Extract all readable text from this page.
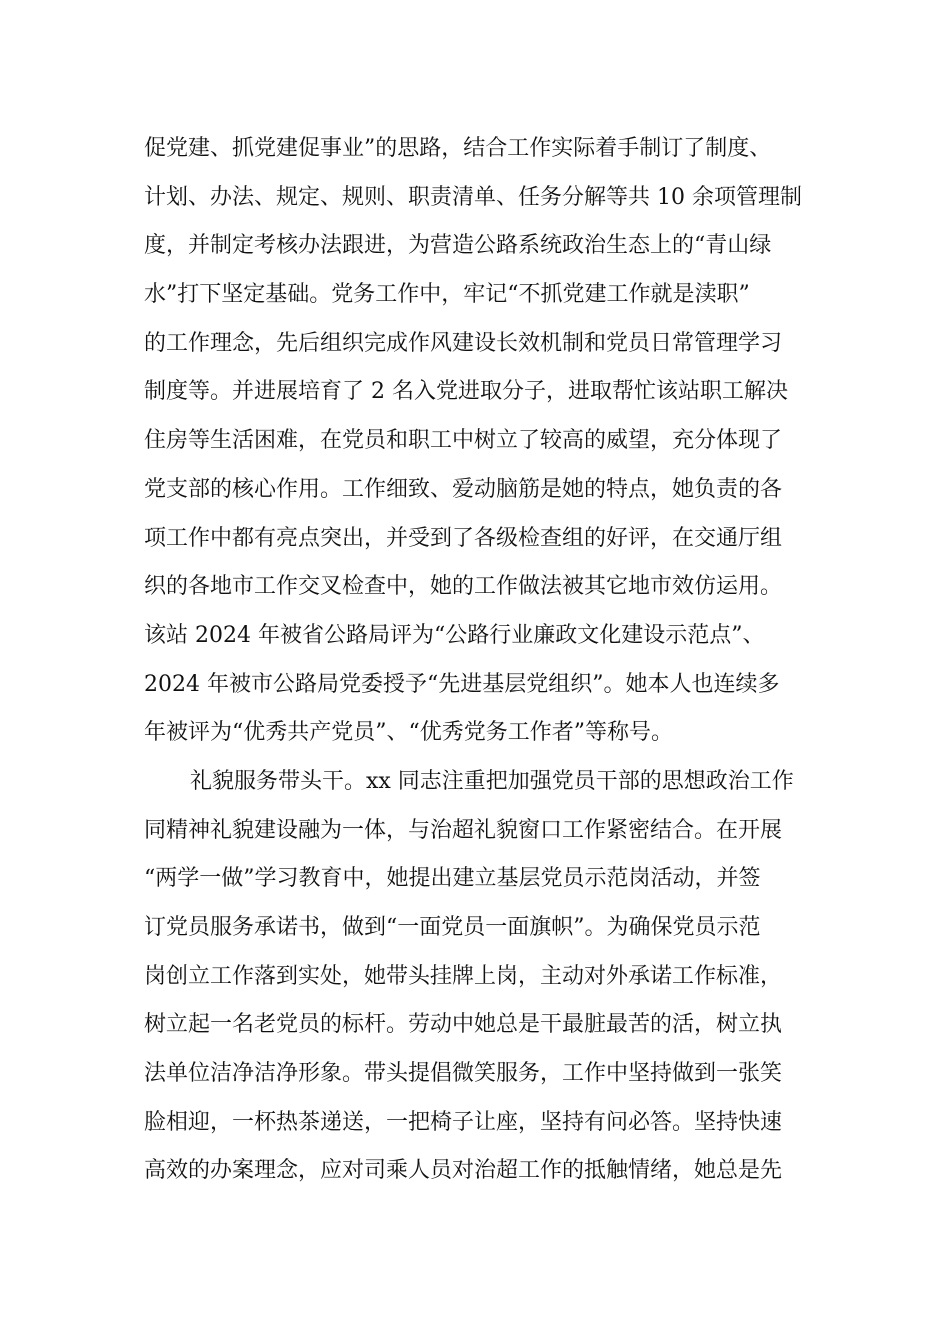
促党建、抓党建促事业”的思路，结合工作实际着手制订了制度、
计划、办法、规定、规则、职责清单、任务分解等共 10 余项管理制
度，并制定考核办法跟进，为营造公路系统政治生态上的“青山绿
水”打下坚定基础。党务工作中，牢记“不抓党建工作就是渎职”
的工作理念，先后组织完成作风建设长效机制和党员日常管理学习
制度等。并进展培育了 2 名入党进取分子，进取帮忙该站职工解决
住房等生活困难，在党员和职工中树立了较高的威望，充分体现了
党支部的核心作用。工作细致、爱动脑筋是她的特点，她负责的各
项工作中都有亮点突出，并受到了各级检查组的好评，在交通厅组
织的各地市工作交叉检查中，她的工作做法被其它地市效仿运用。
该站 2024 年被省公路局评为“公路行业廉政文化建设示范点”、
2024 年被市公路局党委授予“先进基层党组织”。她本人也连续多
年被评为“优秀共产党员”、“优秀党务工作者”等称号。
礼貌服务带头干。xx 同志注重把加强党员干部的思想政治工作
同精神礼貌建设融为一体，与治超礼貌窗口工作紧密结合。在开展
“两学一做”学习教育中，她提出建立基层党员示范岗活动，并签
订党员服务承诺书，做到“一面党员一面旗帜”。为确保党员示范
岗创立工作落到实处，她带头挂牌上岗，主动对外承诺工作标准，
树立起一名老党员的标杆。劳动中她总是干最脏最苦的活，树立执
法单位洁净洁净形象。带头提倡微笑服务，工作中坚持做到一张笑
脸相迎，一杯热茶递送，一把椅子让座，坚持有问必答。坚持快速
高效的办案理念，应对司乘人员对治超工作的抵触情绪，她总是先
